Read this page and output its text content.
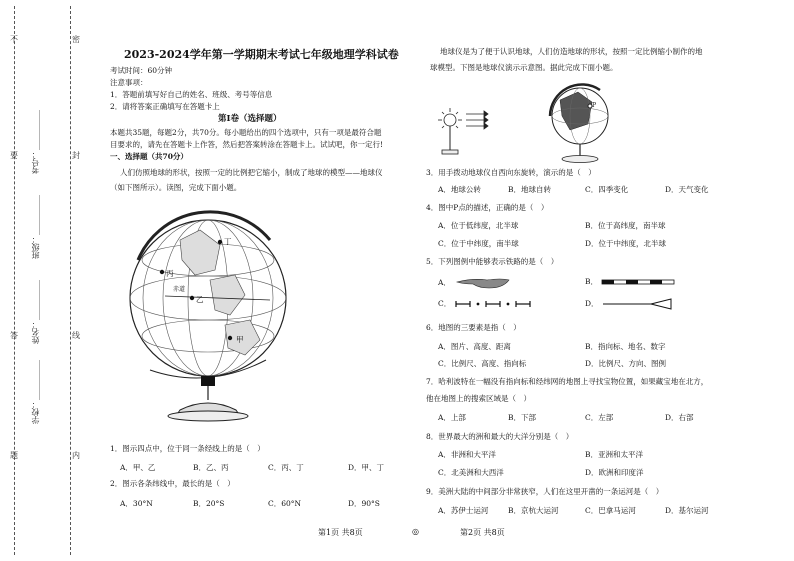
密
封
线
内
不
要
答
题
学校：__________
姓名：__________
班级：__________
考号：__________
2023-2024学年第一学期期末考试七年级地理学科试卷
考试时间：60分钟
注意事项：
1．答题前填写好自己的姓名、班级、考号等信息
2．请将答案正确填写在答题卡上
第Ⅰ卷（选择题）
本题共35题，每题2分，共70分。每小题给出的四个选项中，只有一项是最符合题
目要求的，请先在答题卡上作答，然后把答案转涂在答题卡上。试试吧，你一定行!
一、选择题（共70分）
人们仿照地球的形状，按照一定的比例把它缩小，制成了地球的模型——地球仪
（如下图所示）。读图，完成下面小题。
丁
丙
乙
甲
赤道
1．图示四点中，位于同一条经线上的是（　）
A．甲、乙	B．乙、丙	C．丙、丁	D．甲、丁
2．图示各条纬线中，最长的是（　）
A．30°N	B．20°S	C．60°N	D．90°S
第1页 共8页	◎
地球仪是为了便于认识地球，人们仿造地球的形状，按照一定比例缩小制作的地
球模型。下图是地球仪演示示意图。据此完成下面小题。
P
3．用手拨动地球仪自西向东旋转，演示的是（　）
A．地球公转	B．地球自转	C．四季变化	D．天气变化
4．图中P点的描述，正确的是（　）
A．位于低纬度，北半球	B．位于高纬度，南半球
C．位于中纬度，南半球	D．位于中纬度，北半球
5．下列图例中能够表示铁路的是（　）
A．	B．
C．	D．
6．地图的三要素是指（　）
A．图片、高度、距离	B．指向标、地名、数字
C．比例尺、高度、指向标	D．比例尺、方向、图例
7．哈利波特在一幅没有指向标和经纬网的地图上寻找宝物位置，如果藏宝地在北方，
他在地图上的搜索区域是（　）
A．上部	B．下部	C．左部	D．右部
8．世界最大的洲和最大的大洋分别是（　）
A．非洲和大平洋	B．亚洲和太平洋
C．北美洲和大西洋	D．欧洲和印度洋
9．美洲大陆的中间部分非常狭窄，人们在这里开凿的一条运河是（　）
A．苏伊士运河	B．京杭大运河	C．巴拿马运河	D．基尔运河
第2页 共8页
